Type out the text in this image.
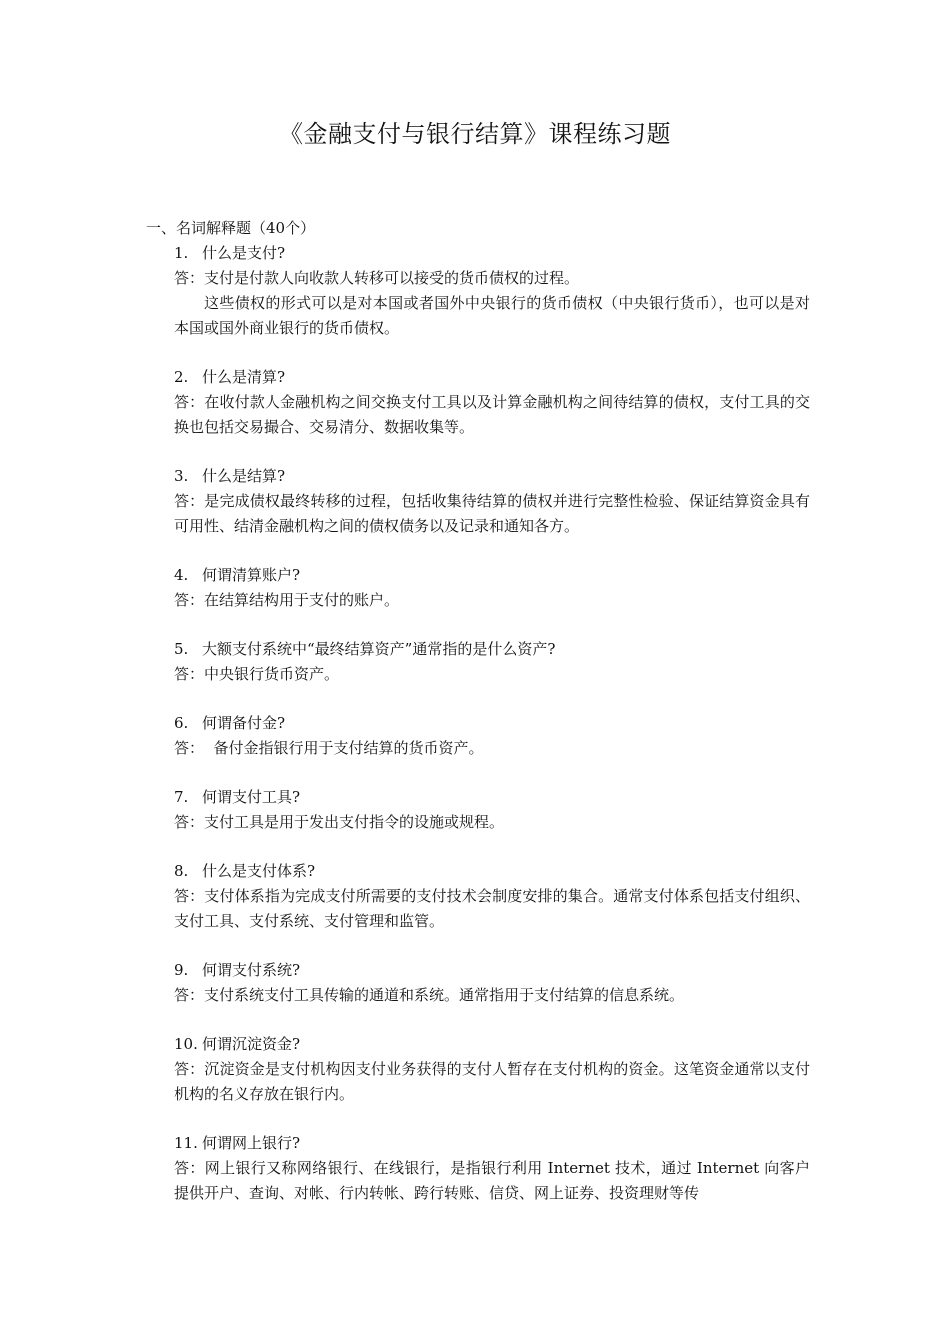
《金融支付与银行结算》课程练习题
一、名词解释题（40个）

1. 什么是支付?

答：支付是付款人向收款人转移可以接受的货币债权的过程。

这些债权的形式可以是对本国或者国外中央银行的货币债权（中央银行货币），也可以是对本国或国外商业银行的货币债权。

2. 什么是清算?

答：在收付款人金融机构之间交换支付工具以及计算金融机构之间待结算的债权，支付工具的交换也包括交易撮合、交易清分、数据收集等。

3. 什么是结算?

答：是完成债权最终转移的过程，包括收集待结算的债权并进行完整性检验、保证结算资金具有可用性、结清金融机构之间的债权债务以及记录和通知各方。

4. 何谓清算账户?

答：在结算结构用于支付的账户。

5. 大额支付系统中“最终结算资产”通常指的是什么资产?

答：中央银行货币资产。

6. 何谓备付金?

答：  备付金指银行用于支付结算的货币资产。

7. 何谓支付工具?

答：支付工具是用于发出支付指令的设施或规程。

8. 什么是支付体系?

答：支付体系指为完成支付所需要的支付技术会制度安排的集合。通常支付体系包括支付组织、支付工具、支付系统、支付管理和监管。

9. 何谓支付系统?

答：支付系统支付工具传输的通道和系统。通常指用于支付结算的信息系统。

10. 何谓沉淀资金?

答：沉淀资金是支付机构因支付业务获得的支付人暂存在支付机构的资金。这笔资金通常以支付机构的名义存放在银行内。

11. 何谓网上银行?

答：网上银行又称网络银行、在线银行，是指银行利用 Internet 技术，通过 Internet 向客户提供开户、查询、对帐、行内转帐、跨行转账、信贷、网上证券、投资理财等传
